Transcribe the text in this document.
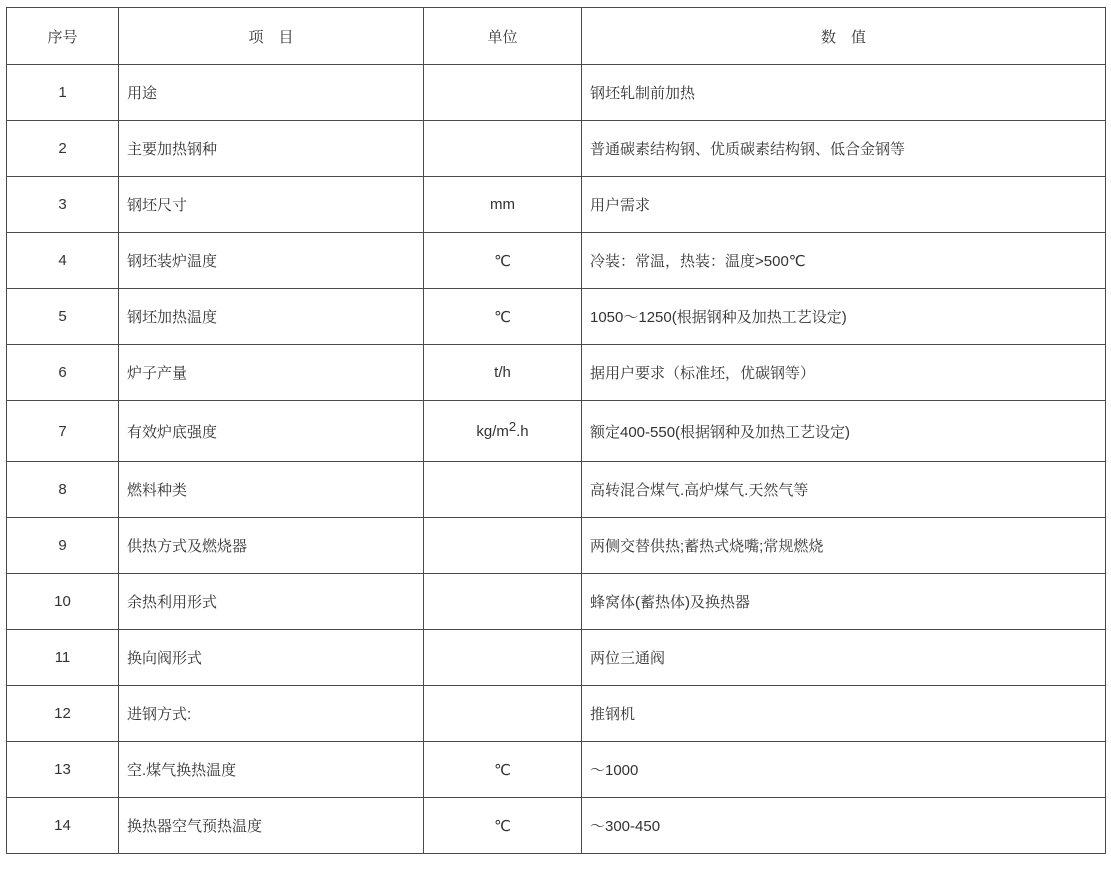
序号	项　目	单位	数　值
1	用途		钢坯轧制前加热
2	主要加热钢种		普通碳素结构钢、优质碳素结构钢、低合金钢等
3	钢坯尺寸	mm	用户需求
4	钢坯装炉温度	℃	冷装：常温，热装：温度>500℃
5	钢坯加热温度	℃	1050～1250(根据钢种及加热工艺设定)
6	炉子产量	t/h	据用户要求（标准坯，优碳钢等）
7	有效炉底强度	$kg/m^2.h$	额定400-550(根据钢种及加热工艺设定)
8	燃料种类		高转混合煤气.高炉煤气.天然气等
9	供热方式及燃烧器		两侧交替供热;蓄热式烧嘴;常规燃烧
10	余热利用形式		蜂窝体(蓄热体)及换热器
11	换向阀形式		两位三通阀
12	进钢方式:		推钢机
13	空.煤气换热温度	℃	～1000
14	换热器空气预热温度	℃	～300-450
